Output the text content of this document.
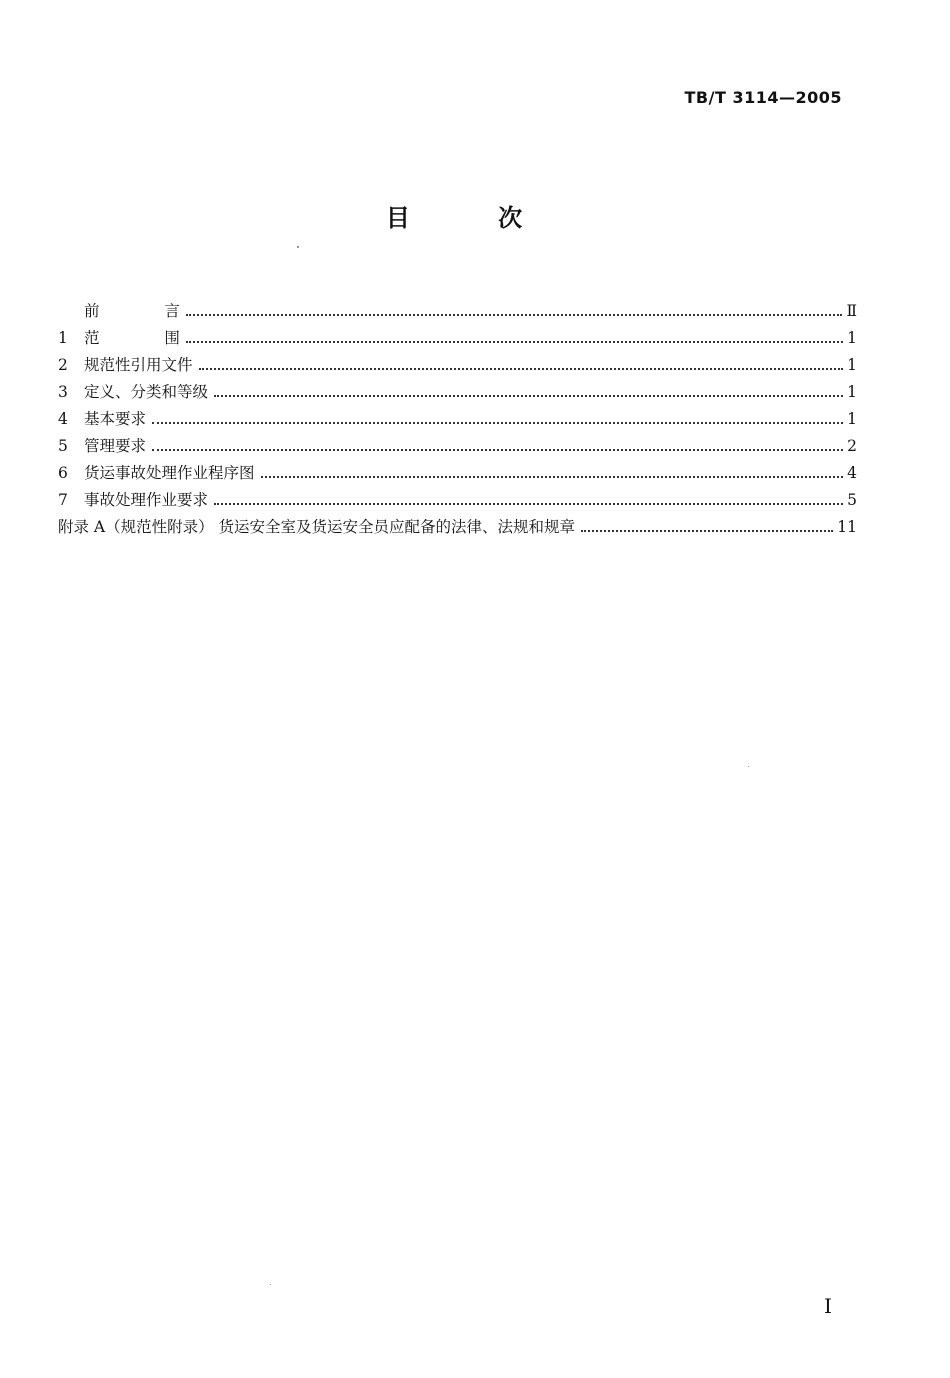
TB/T 3114—2005
目 次
前 言	Ⅱ
1	范 围	1
2	规范性引用文件	1
3	定义、分类和等级	1
4	基本要求	1
5	管理要求	2
6	货运事故处理作业程序图	4
7	事故处理作业要求	5
附录 A（规范性附录） 货运安全室及货运安全员应配备的法律、法规和规章	11
I
